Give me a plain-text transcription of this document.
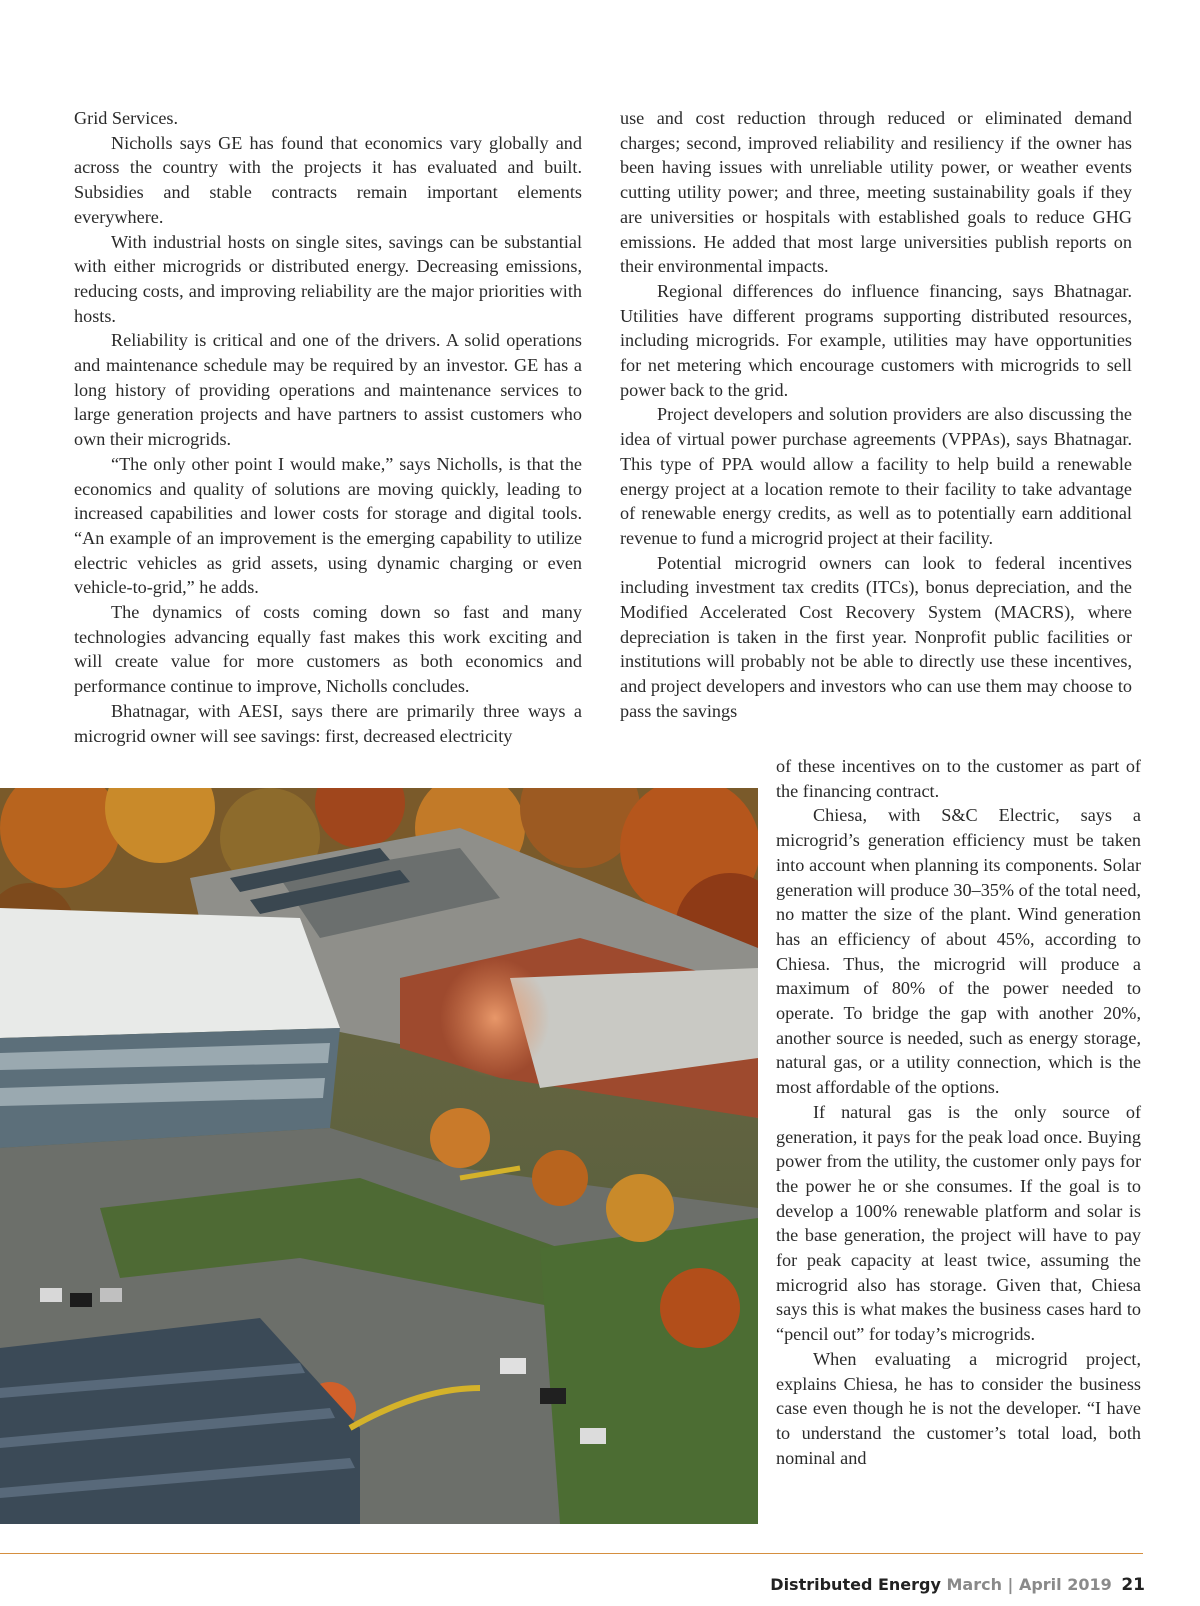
Grid Services.

Nicholls says GE has found that economics vary globally and across the country with the projects it has evaluated and built. Subsidies and stable contracts remain important elements everywhere.

With industrial hosts on single sites, savings can be substantial with either microgrids or distributed energy. Decreasing emissions, reducing costs, and improving reliability are the major priorities with hosts.

Reliability is critical and one of the drivers. A solid operations and maintenance schedule may be required by an investor. GE has a long history of providing operations and maintenance services to large generation projects and have partners to assist customers who own their microgrids.

“The only other point I would make,” says Nicholls, is that the economics and quality of solutions are moving quickly, leading to increased capabilities and lower costs for storage and digital tools. “An example of an improvement is the emerging capability to utilize electric vehicles as grid assets, using dynamic charging or even vehicle-to-grid,” he adds.

The dynamics of costs coming down so fast and many technologies advancing equally fast makes this work exciting and will create value for more customers as both economics and performance continue to improve, Nicholls concludes.

Bhatnagar, with AESI, says there are primarily three ways a microgrid owner will see savings: first, decreased electricity

use and cost reduction through reduced or eliminated demand charges; second, improved reliability and resiliency if the owner has been having issues with unreliable utility power, or weather events cutting utility power; and three, meeting sustainability goals if they are universities or hospitals with established goals to reduce GHG emissions. He added that most large universities publish reports on their environmental impacts.

Regional differences do influence financing, says Bhatnagar. Utilities have different programs supporting distributed resources, including microgrids. For example, utilities may have opportunities for net metering which encourage customers with microgrids to sell power back to the grid.

Project developers and solution providers are also discussing the idea of virtual power purchase agreements (VPPAs), says Bhatnagar. This type of PPA would allow a facility to help build a renewable energy project at a location remote to their facility to take advantage of renewable energy credits, as well as to potentially earn additional revenue to fund a microgrid project at their facility.

Potential microgrid owners can look to federal incentives including investment tax credits (ITCs), bonus depreciation, and the Modified Accelerated Cost Recovery System (MACRS), where depreciation is taken in the first year. Nonprofit public facilities or institutions will probably not be able to directly use these incentives, and project developers and investors who can use them may choose to pass the savings

of these incentives on to the customer as part of the financing contract.

Chiesa, with S&C Electric, says a microgrid’s generation efficiency must be taken into account when planning its components. Solar generation will produce 30–35% of the total need, no matter the size of the plant. Wind generation has an efficiency of about 45%, according to Chiesa. Thus, the microgrid will produce a maximum of 80% of the power needed to operate. To bridge the gap with another 20%, another source is needed, such as energy storage, natural gas, or a utility connection, which is the most affordable of the options.

If natural gas is the only source of generation, it pays for the peak load once. Buying power from the utility, the customer only pays for the power he or she consumes. If the goal is to develop a 100% renewable platform and solar is the base generation, the project will have to pay for peak capacity at least twice, assuming the microgrid also has storage. Given that, Chiesa says this is what makes the business cases hard to “pencil out” for today’s microgrids.

When evaluating a microgrid project, explains Chiesa, he has to consider the business case even though he is not the developer. “I have to understand the customer’s total load, both nominal and

Distributed Energy March | April 2019 21
